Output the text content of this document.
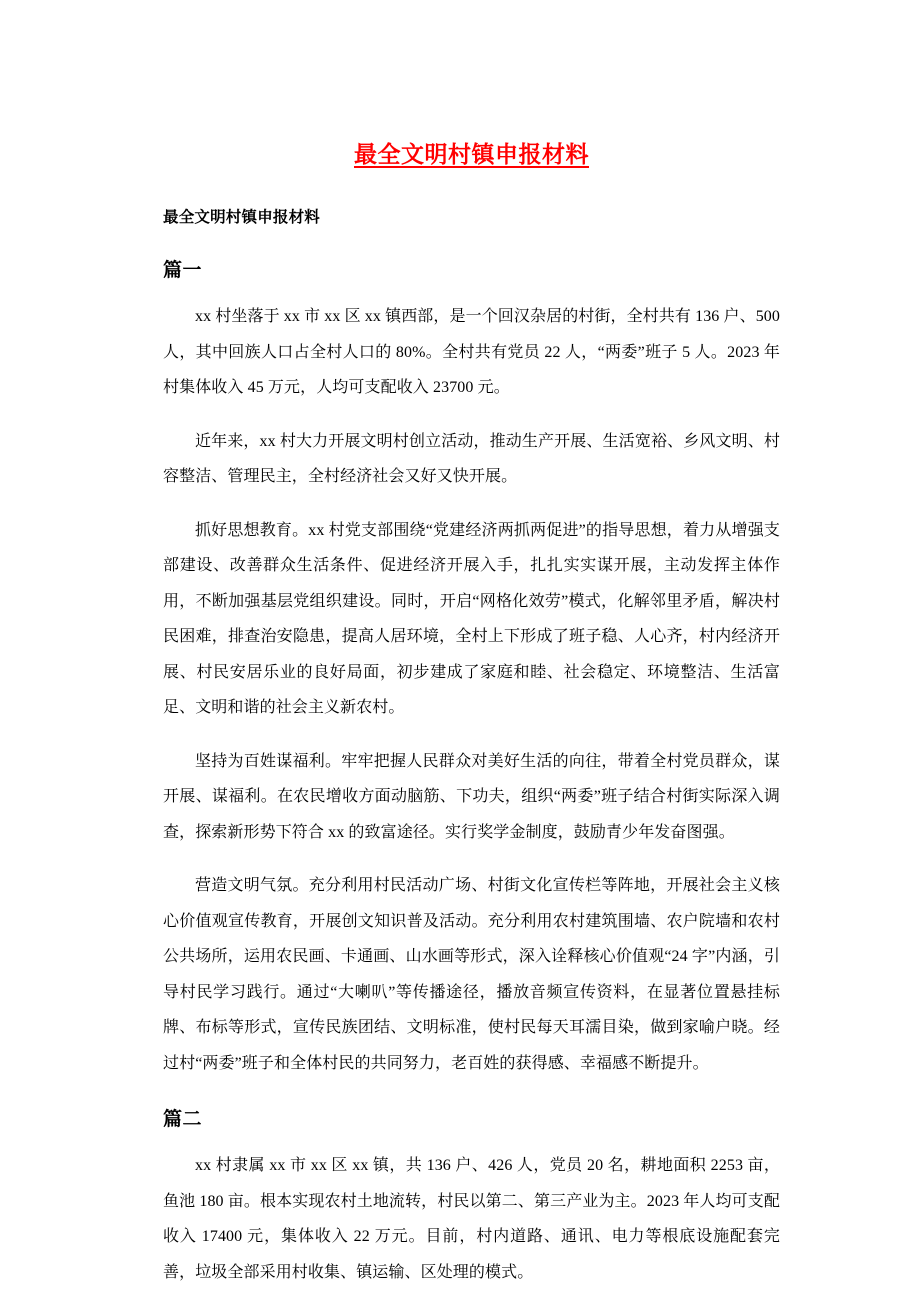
最全文明村镇申报材料

最全文明村镇申报材料

篇一

xx 村坐落于 xx 市 xx 区 xx 镇西部，是一个回汉杂居的村街，全村共有 136 户、500 人，其中回族人口占全村人口的 80%。全村共有党员 22 人，“两委”班子 5 人。2023 年村集体收入 45 万元，人均可支配收入 23700 元。

近年来，xx 村大力开展文明村创立活动，推动生产开展、生活宽裕、乡风文明、村容整洁、管理民主，全村经济社会又好又快开展。

抓好思想教育。xx 村党支部围绕“党建经济两抓两促进”的指导思想，着力从增强支部建设、改善群众生活条件、促进经济开展入手，扎扎实实谋开展，主动发挥主体作用，不断加强基层党组织建设。同时，开启“网格化效劳”模式，化解邻里矛盾，解决村民困难，排查治安隐患，提高人居环境，全村上下形成了班子稳、人心齐，村内经济开展、村民安居乐业的良好局面，初步建成了家庭和睦、社会稳定、环境整洁、生活富足、文明和谐的社会主义新农村。

坚持为百姓谋福利。牢牢把握人民群众对美好生活的向往，带着全村党员群众，谋开展、谋福利。在农民增收方面动脑筋、下功夫，组织“两委”班子结合村街实际深入调查，探索新形势下符合 xx 的致富途径。实行奖学金制度，鼓励青少年发奋图强。

营造文明气氛。充分利用村民活动广场、村街文化宣传栏等阵地，开展社会主义核心价值观宣传教育，开展创文知识普及活动。充分利用农村建筑围墙、农户院墙和农村公共场所，运用农民画、卡通画、山水画等形式，深入诠释核心价值观“24 字”内涵，引导村民学习践行。通过“大喇叭”等传播途径，播放音频宣传资料，在显著位置悬挂标牌、布标等形式，宣传民族团结、文明标准，使村民每天耳濡目染，做到家喻户晓。经过村“两委”班子和全体村民的共同努力，老百姓的获得感、幸福感不断提升。

篇二

xx 村隶属 xx 市 xx 区 xx 镇，共 136 户、426 人，党员 20 名，耕地面积 2253 亩，鱼池 180 亩。根本实现农村土地流转，村民以第二、第三产业为主。2023 年人均可支配收入 17400 元，集体收入 22 万元。目前，村内道路、通讯、电力等根底设施配套完善，垃圾全部采用村收集、镇运输、区处理的模式。
